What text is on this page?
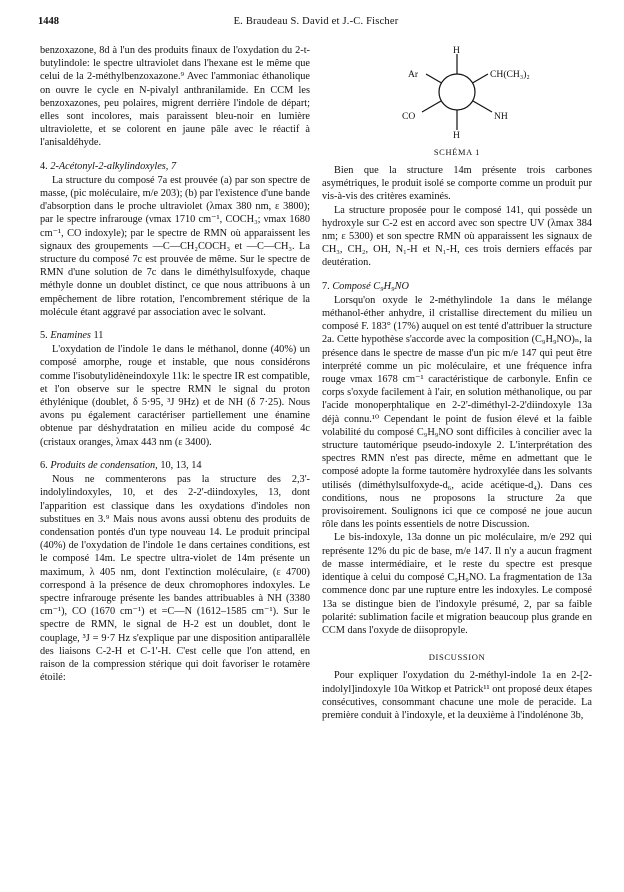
1448	E. Braudeau S. David et J.-C. Fischer

benzoxazone, 8d à l'un des produits finaux de l'oxydation du 2-t-butylindole: le spectre ultraviolet dans l'hexane est le même que celui de la 2-méthylbenzoxazone.⁹ Avec l'ammoniac éthanolique on ouvre le cycle en N-pivalyl anthranilamide. En CCM les benzoxazones, peu polaires, migrent derrière l'indole de départ; elles sont incolores, mais paraissent bleu-noir en lumière ultraviolette, et se colorent en jaune pâle avec le réactif à l'anisaldéhyde.

4. 2-Acétonyl-2-alkylindoxyles, 7

La structure du composé 7a est prouvée (a) par son spectre de masse, (pic moléculaire, m/e 203); (b) par l'existence d'une bande d'absorption dans le proche ultraviolet (λmax 380 nm, ε 3800); par le spectre infrarouge (νmax 1710 cm⁻¹, COCH₃; νmax 1680 cm⁻¹, CO indoxyle); par le spectre de RMN où apparaissent les signaux des groupements —C—CH₂COCH₃ et —C—CH₃. La structure du composé 7c est prouvée de même. Sur le spectre de RMN d'une solution de 7c dans le diméthylsulfoxyde, chaque méthyle donne un doublet distinct, ce que nous attribuons à un empêchement de libre rotation, l'encombrement stérique de la molécule étant aggravé par association avec le solvant.

5. Enamines 11

L'oxydation de l'indole 1e dans le méthanol, donne (40%) un composé amorphe, rouge et instable, que nous considérons comme l'isobutylidèneindoxyle 11k: le spectre IR est compatible, et l'on observe sur le spectre RMN le signal du proton éthylénique (doublet, δ 5·95, ³J 9Hz) et de NH (δ 7·25). Nous avons pu également caractériser partiellement une énamine obtenue par déshydratation en milieu acide du composé 4c (cristaux oranges, λmax 443 nm (ε 3400).

6. Produits de condensation, 10, 13, 14

Nous ne commenterons pas la structure des 2,3'-indolylindoxyles, 10, et des 2-2'-diindoxyles, 13, dont l'apparition est classique dans les oxydations d'indoles non substitues en 3.⁹ Mais nous avons aussi obtenu des produits de condensation pontés d'un type nouveau 14. Le produit principal (40%) de l'oxydation de l'indole 1e dans certaines conditions, est le composé 14m. Le spectre ultra-violet de 14m présente un maximum, λ 405 nm, dont l'extinction moléculaire, (ε 4700) correspond à la présence de deux chromophores indoxyles. Le spectre infrarouge présente les bandes attribuables à NH (3380 cm⁻¹), CO (1670 cm⁻¹) et =C—N (1612–1585 cm⁻¹). Sur le spectre de RMN, le signal de H-2 est un doublet, dont le couplage, ³J = 9·7 Hz s'explique par une disposition antiparallèle des liaisons C-2-H et C-1'-H. C'est celle que l'on attend, en raison de la compression stérique qui doit favoriser le rotamère étoilé:

H
Ar	CH(CH₃)₂
CO	NH
H
SCHÉMA 1

Bien que la structure 14m présente trois carbones asymétriques, le produit isolé se comporte comme un produit pur vis-à-vis des critères examinés.

La structure proposée pour le composé 141, qui possède un hydroxyle sur C-2 est en accord avec son spectre UV (λmax 384 nm; ε 5300) et son spectre RMN où apparaissent les signaux de CH₃, CH₂, OH, N₁-H et N₁-H, ces trois derniers effacés par deutération.

7. Composé C₉H₉NO

Lorsqu'on oxyde le 2-méthylindole 1a dans le mélange méthanol-éther anhydre, il cristallise directement du milieu un composé F. 183° (17%) auquel on est tenté d'attribuer la structure 2a. Cette hypothèse s'accorde avec la composition (C₉H₉NO)ₙ, la présence dans le spectre de masse d'un pic m/e 147 qui peut être interprété comme un pic moléculaire, et une fréquence infra rouge νmax 1678 cm⁻¹ caractéristique de carbonyle. Enfin ce corps s'oxyde facilement à l'air, en solution méthanolique, ou par l'acide monoperphtalique en 2-2'-diméthyl-2-2'diindoxyle 13a déjà connu.¹⁰ Cependant le point de fusion élevé et la faible volabilité du composé C₉H₉NO sont difficiles à concilier avec la structure tautomérique pseudo-indoxyle 2. L'interprétation des spectres RMN n'est pas directe, même en admettant que le composé adopte la forme tautomère hydroxylée dans les solvants utilisés (diméthylsulfoxyde-d₆, acide acétique-d₄). Dans ces conditions, nous ne proposons la structure 2a que provisoirement. Soulignons ici que ce composé ne joue aucun rôle dans les points essentiels de notre Discussion.

Le bis-indoxyle, 13a donne un pic moléculaire, m/e 292 qui représente 12% du pic de base, m/e 147. Il n'y a aucun fragment de masse intermédiaire, et le reste du spectre est presque identique à celui du composé C₉H₉NO. La fragmentation de 13a commence donc par une rupture entre les indoxyles. Le composé 13a se distingue bien de l'indoxyle présumé, 2, par sa faible polarité: sublimation facile et migration beaucoup plus grande en CCM dans l'oxyde de diisopropyle.

DISCUSSION

Pour expliquer l'oxydation du 2-méthyl-indole 1a en 2-[2-indolyl]indoxyle 10a Witkop et Patrick¹¹ ont proposé deux étapes consécutives, consommant chacune une mole de peracide. La première conduit à l'indoxyle, et la deuxième à l'indolénone 3b,
